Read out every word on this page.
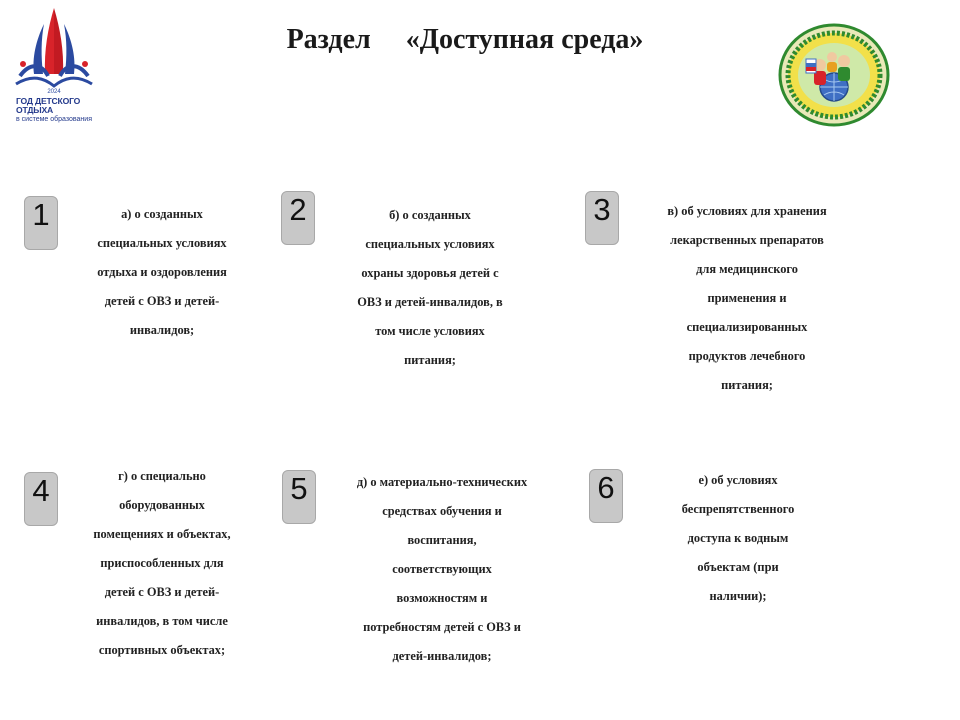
2024
ГОД ДЕТСКОГО ОТДЫХА
в системе образования
Раздел     «Доступная среда»
1	а) о созданных
специальных условиях
отдыха и оздоровления
детей с ОВЗ и детей-
инвалидов;
2	б) о созданных
специальных условиях
охраны здоровья детей с
ОВЗ и детей-инвалидов, в
том числе условиях
питания;
3	в) об условиях для хранения
лекарственных препаратов
для медицинского
применения и
специализированных
продуктов лечебного
питания;
4	г) о специально
оборудованных
помещениях и объектах,
приспособленных для
детей с ОВЗ и детей-
инвалидов, в том числе
спортивных объектах;
5	д) о материально-технических
средствах обучения и
воспитания,
соответствующих
возможностям и
потребностям детей с ОВЗ и
детей-инвалидов;
6	е) об условиях
беспрепятственного
доступа к водным
объектам (при
наличии);
